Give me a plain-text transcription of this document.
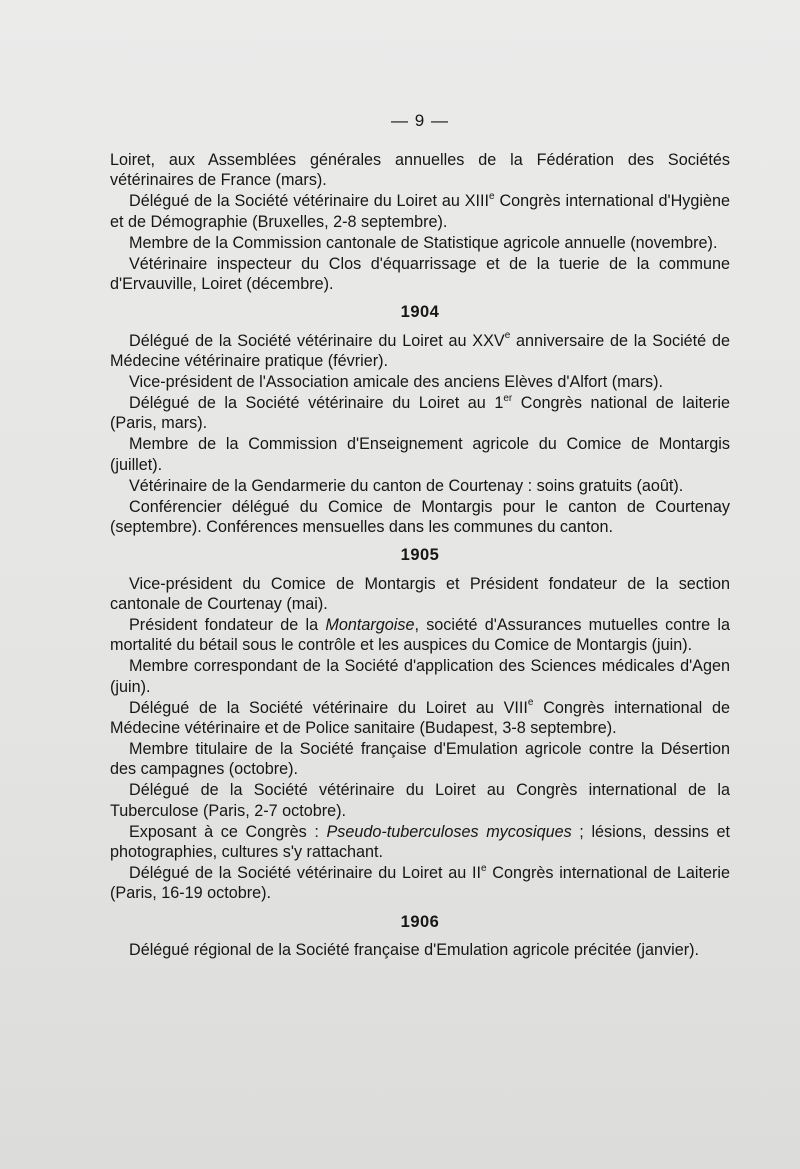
— 9 —

Loiret, aux Assemblées générales annuelles de la Fédération des Sociétés vétérinaires de France (mars).

Délégué de la Société vétérinaire du Loiret au XIIIe Congrès international d'Hygiène et de Démographie (Bruxelles, 2-8 septembre).

Membre de la Commission cantonale de Statistique agricole annuelle (novembre).

Vétérinaire inspecteur du Clos d'équarrissage et de la tuerie de la commune d'Ervauville, Loiret (décembre).

1904

Délégué de la Société vétérinaire du Loiret au XXVe anniversaire de la Société de Médecine vétérinaire pratique (février).

Vice-président de l'Association amicale des anciens Elèves d'Alfort (mars).

Délégué de la Société vétérinaire du Loiret au 1er Congrès national de laiterie (Paris, mars).

Membre de la Commission d'Enseignement agricole du Comice de Montargis (juillet).

Vétérinaire de la Gendarmerie du canton de Courtenay : soins gratuits (août).

Conférencier délégué du Comice de Montargis pour le canton de Courtenay (septembre). Conférences mensuelles dans les communes du canton.

1905

Vice-président du Comice de Montargis et Président fondateur de la section cantonale de Courtenay (mai).

Président fondateur de la Montargoise, société d'Assurances mutuelles contre la mortalité du bétail sous le contrôle et les auspices du Comice de Montargis (juin).

Membre correspondant de la Société d'application des Sciences médicales d'Agen (juin).

Délégué de la Société vétérinaire du Loiret au VIIIe Congrès international de Médecine vétérinaire et de Police sanitaire (Budapest, 3-8 septembre).

Membre titulaire de la Société française d'Emulation agricole contre la Désertion des campagnes (octobre).

Délégué de la Société vétérinaire du Loiret au Congrès international de la Tuberculose (Paris, 2-7 octobre).

Exposant à ce Congrès : Pseudo-tuberculoses mycosiques ; lésions, dessins et photographies, cultures s'y rattachant.

Délégué de la Société vétérinaire du Loiret au IIe Congrès international de Laiterie (Paris, 16-19 octobre).

1906

Délégué régional de la Société française d'Emulation agricole précitée (janvier).
